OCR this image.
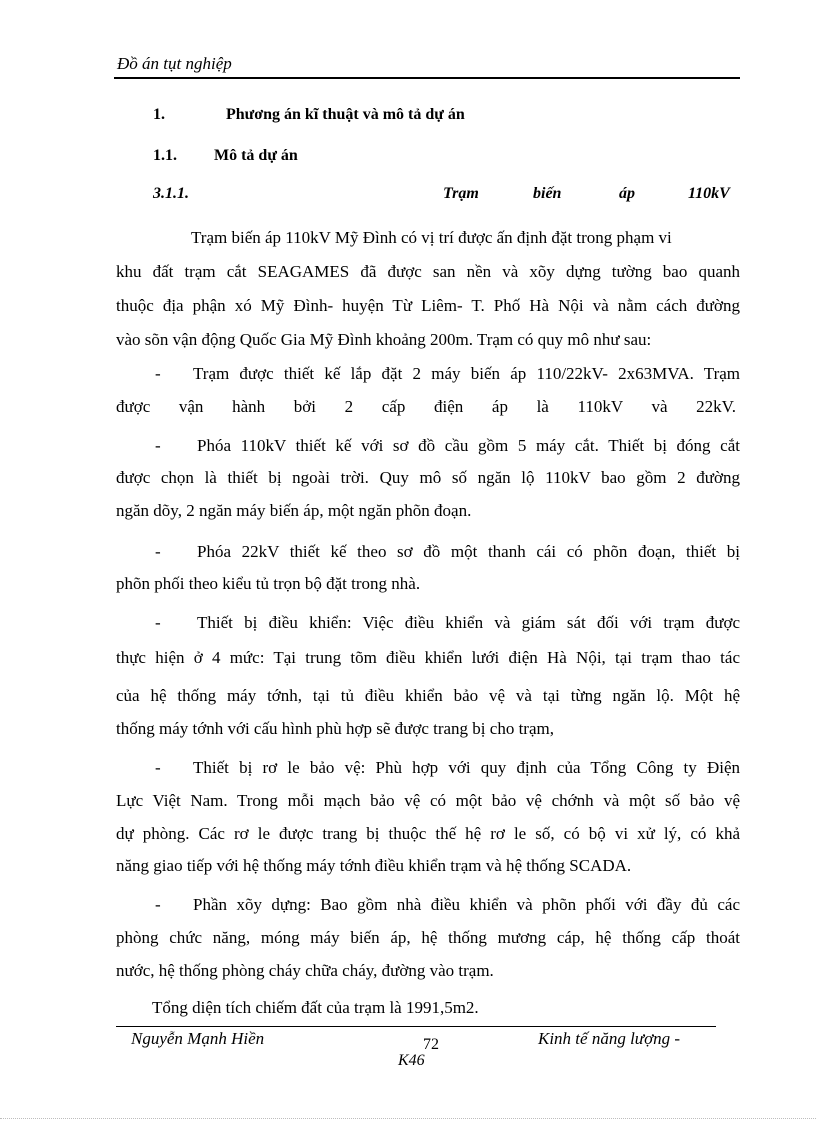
Đồ án tụt nghiệp
1.	Phương án kĩ thuật và mô tả dự án
1.1. Mô tả dự án
3.1.1.	Trạm	biến	áp	110kV
Trạm biến áp 110kV Mỹ Đình có vị trí được ấn định đặt trong phạm vi
khu đất trạm cắt SEAGAMES đã được san nền và xõy dựng tường bao quanh
thuộc địa phận xó Mỹ Đình- huyện Từ Liêm- T. Phố Hà Nội và nằm cách đường
vào sõn vận động Quốc Gia Mỹ Đình khoảng 200m. Trạm có quy mô như sau:
- Trạm được thiết kế lắp đặt 2 máy biến áp 110/22kV- 2x63MVA. Trạm
được vận hành bởi 2 cấp điện áp là 110kV và 22kV.
- Phóa 110kV thiết kế với sơ đồ cầu gồm 5 máy cắt. Thiết bị đóng cắt
được chọn là thiết bị ngoài trời. Quy mô số ngăn lộ 110kV bao gồm 2 đường
ngăn dõy, 2 ngăn máy biến áp, một ngăn phõn đoạn.
- Phóa 22kV thiết kế theo sơ đồ một thanh cái có phõn đoạn, thiết bị
phõn phối theo kiểu tủ trọn bộ đặt trong nhà.
- Thiết bị điều khiển: Việc điều khiển và giám sát đối với trạm được
thực hiện ở 4 mức: Tại trung tõm điều khiển lưới điện Hà Nội, tại trạm thao tác
của hệ thống máy tớnh, tại tủ điều khiển bảo vệ và tại từng ngăn lộ. Một hệ
thống máy tớnh với cấu hình phù hợp sẽ được trang bị cho trạm,
- Thiết bị rơ le bảo vệ: Phù hợp với quy định của Tổng Công ty Điện
Lực Việt Nam. Trong mỗi mạch bảo vệ có một bảo vệ chớnh và một số bảo vệ
dự phòng. Các rơ le được trang bị thuộc thế hệ rơ le số, có bộ vi xử lý, có khả
năng giao tiếp với hệ thống máy tớnh điều khiển trạm và hệ thống SCADA.
- Phần xõy dựng: Bao gồm nhà điều khiển và phõn phối với đầy đủ các
phòng chức năng, móng máy biến áp, hệ thống mương cáp, hệ thống cấp thoát
nước, hệ thống phòng cháy chữa cháy, đường vào trạm.
Tổng diện tích chiếm đất của trạm là 1991,5m2.
Nguyễn Mạnh Hiền	72	Kinh tế năng lượng -
K46
